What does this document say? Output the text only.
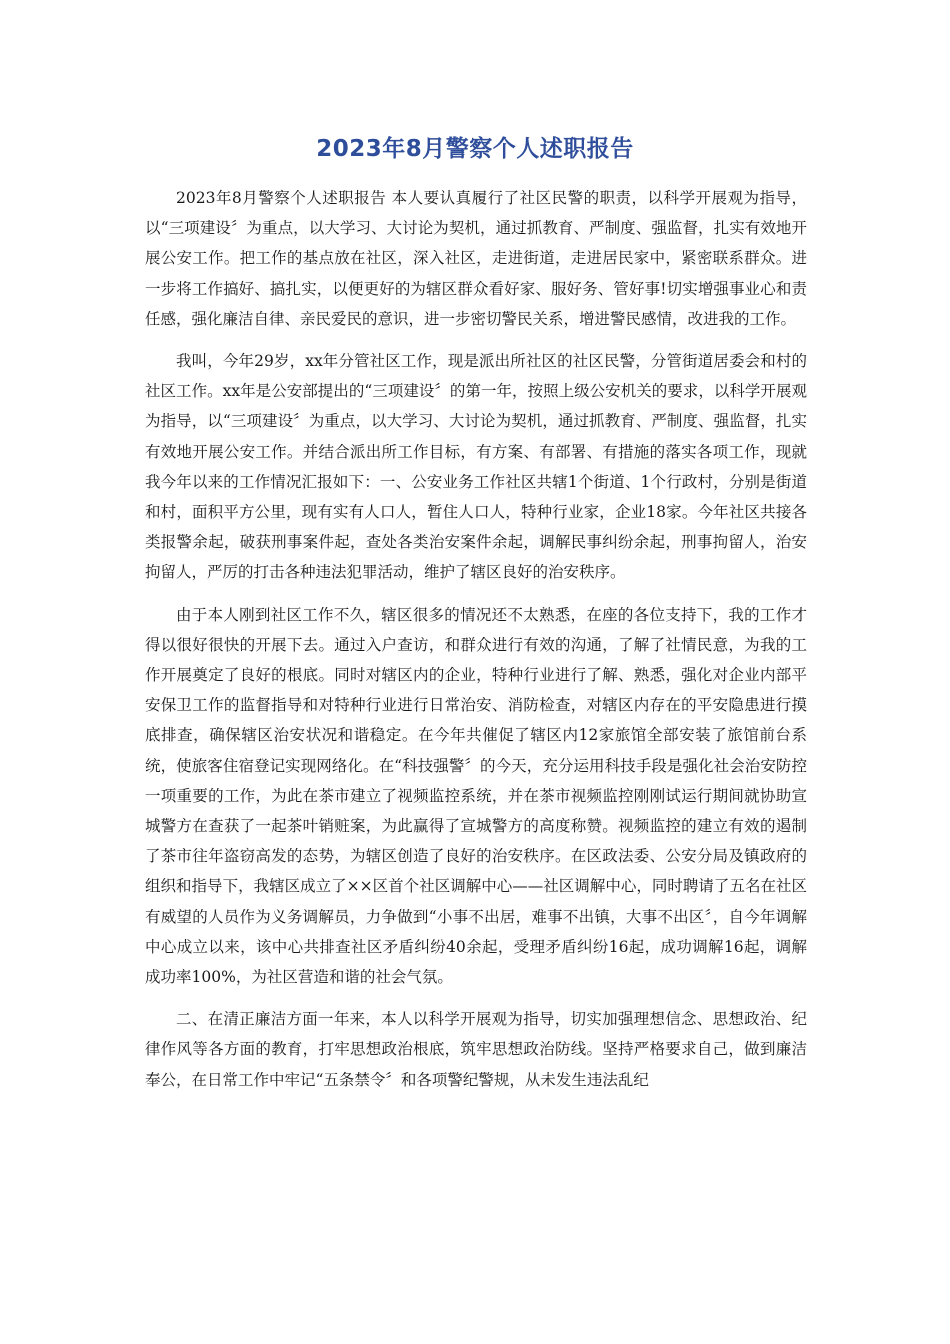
2023年8月警察个人述职报告

2023年8月警察个人述职报告 本人要认真履行了社区民警的职责，以科学开展观为指导，以“三项建设〞为重点，以大学习、大讨论为契机，通过抓教育、严制度、强监督，扎实有效地开展公安工作。把工作的基点放在社区，深入社区，走进街道，走进居民家中，紧密联系群众。进一步将工作搞好、搞扎实，以便更好的为辖区群众看好家、服好务、管好事!切实增强事业心和责任感，强化廉洁自律、亲民爱民的意识，进一步密切警民关系，增进警民感情，改进我的工作。

我叫，今年29岁，xx年分管社区工作，现是派出所社区的社区民警，分管街道居委会和村的社区工作。xx年是公安部提出的“三项建设〞的第一年，按照上级公安机关的要求，以科学开展观为指导，以“三项建设〞为重点，以大学习、大讨论为契机，通过抓教育、严制度、强监督，扎实有效地开展公安工作。并结合派出所工作目标，有方案、有部署、有措施的落实各项工作，现就我今年以来的工作情况汇报如下：一、公安业务工作社区共辖1个街道、1个行政村，分别是街道和村，面积平方公里，现有实有人口人，暂住人口人，特种行业家，企业18家。今年社区共接各类报警余起，破获刑事案件起，查处各类治安案件余起，调解民事纠纷余起，刑事拘留人，治安拘留人，严厉的打击各种违法犯罪活动，维护了辖区良好的治安秩序。

由于本人刚到社区工作不久，辖区很多的情况还不太熟悉，在座的各位支持下，我的工作才得以很好很快的开展下去。通过入户查访，和群众进行有效的沟通，了解了社情民意，为我的工作开展奠定了良好的根底。同时对辖区内的企业，特种行业进行了解、熟悉，强化对企业内部平安保卫工作的监督指导和对特种行业进行日常治安、消防检查，对辖区内存在的平安隐患进行摸底排查，确保辖区治安状况和谐稳定。在今年共催促了辖区内12家旅馆全部安装了旅馆前台系统，使旅客住宿登记实现网络化。在“科技强警〞的今天，充分运用科技手段是强化社会治安防控一项重要的工作，为此在茶市建立了视频监控系统，并在茶市视频监控刚刚试运行期间就协助宣城警方在查获了一起茶叶销赃案，为此赢得了宣城警方的高度称赞。视频监控的建立有效的遏制了茶市往年盗窃高发的态势，为辖区创造了良好的治安秩序。在区政法委、公安分局及镇政府的组织和指导下，我辖区成立了××区首个社区调解中心——社区调解中心，同时聘请了五名在社区有威望的人员作为义务调解员，力争做到“小事不出居，难事不出镇，大事不出区〞，自今年调解中心成立以来，该中心共排查社区矛盾纠纷40余起，受理矛盾纠纷16起，成功调解16起，调解成功率100%，为社区营造和谐的社会气氛。

二、在清正廉洁方面一年来，本人以科学开展观为指导，切实加强理想信念、思想政治、纪律作风等各方面的教育，打牢思想政治根底，筑牢思想政治防线。坚持严格要求自己，做到廉洁奉公，在日常工作中牢记“五条禁令〞和各项警纪警规，从未发生违法乱纪
